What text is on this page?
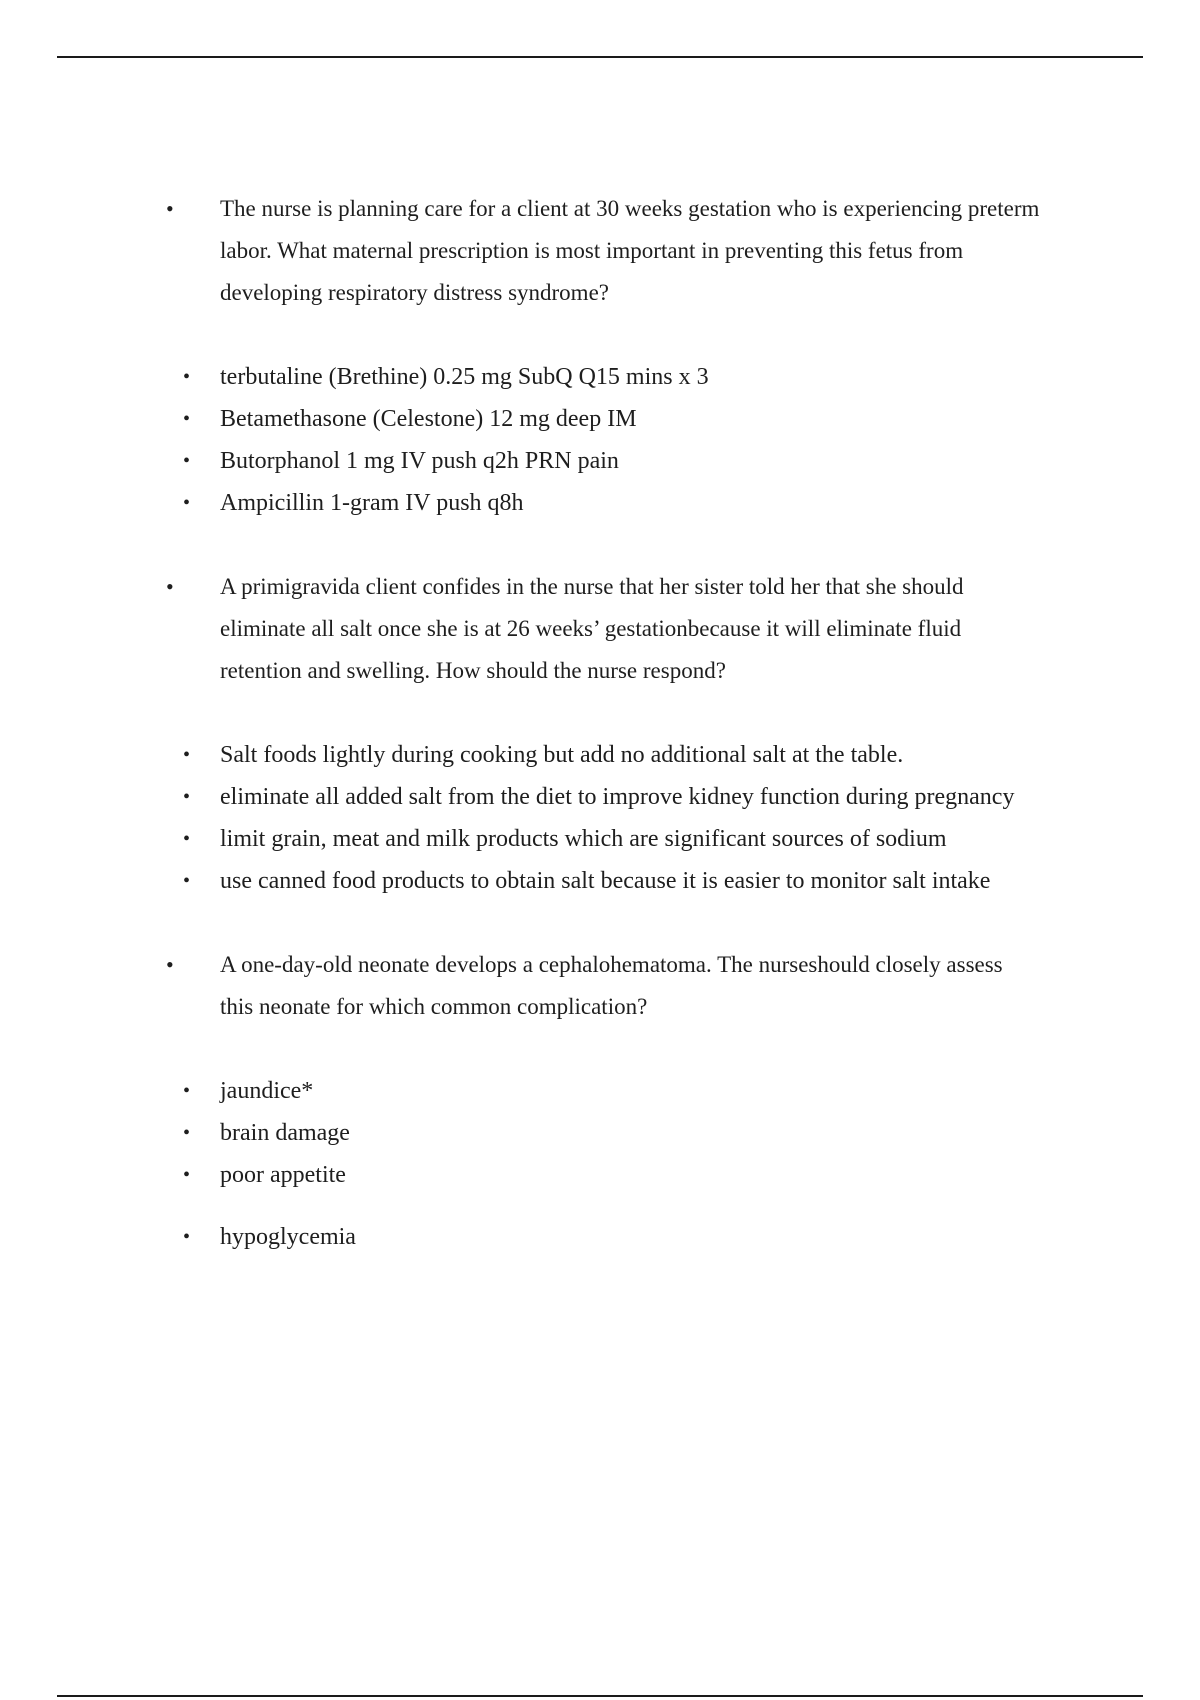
• The nurse is planning care for a client at 30 weeks gestation who is experiencing preterm labor. What maternal prescription is most important in preventing this fetus from developing respiratory distress syndrome?
• terbutaline (Brethine) 0.25 mg SubQ Q15 mins x 3
• Betamethasone (Celestone) 12 mg deep IM
• Butorphanol 1 mg IV push q2h PRN pain
• Ampicillin 1-gram IV push q8h
• A primigravida client confides in the nurse that her sister told her that she should eliminate all salt once she is at 26 weeks’ gestationbecause it will eliminate fluid retention and swelling. How should the nurse respond?
• Salt foods lightly during cooking but add no additional salt at the table.
• eliminate all added salt from the diet to improve kidney function during pregnancy
• limit grain, meat and milk products which are significant sources of sodium
• use canned food products to obtain salt because it is easier to monitor salt intake
• A one-day-old neonate develops a cephalohematoma. The nurseshould closely assess this neonate for which common complication?
• jaundice*
• brain damage
• poor appetite
• hypoglycemia
